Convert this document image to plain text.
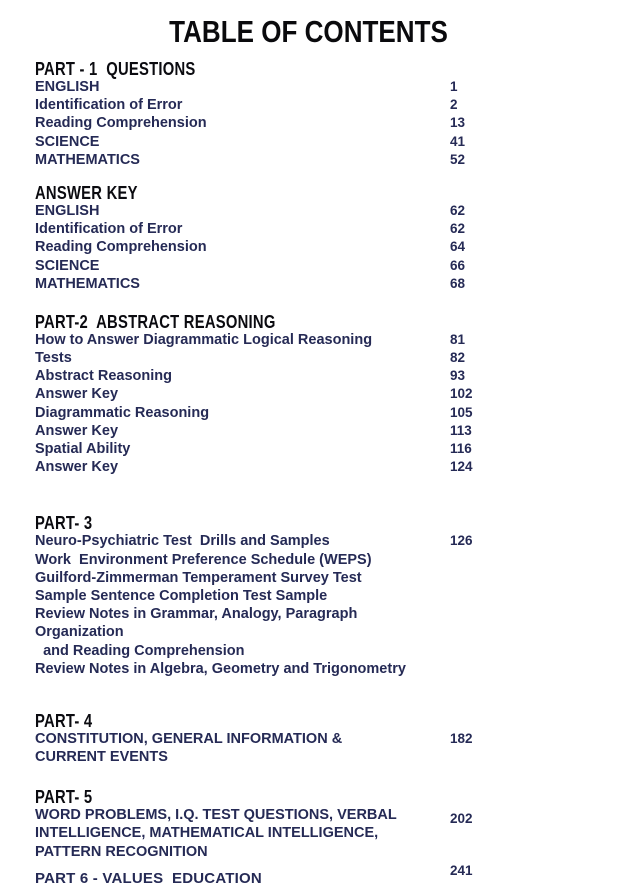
TABLE OF CONTENTS
PART - 1  QUESTIONS
ENGLISH	1
Identification of Error	2
Reading Comprehension	13
SCIENCE	41
MATHEMATICS	52
ANSWER KEY
ENGLISH	62
Identification of Error	62
Reading Comprehension	64
SCIENCE	66
MATHEMATICS	68
PART-2  ABSTRACT REASONING
How to Answer Diagrammatic Logical Reasoning	81
Tests	82
Abstract Reasoning	93
Answer Key	102
Diagrammatic Reasoning	105
Answer Key	113
Spatial Ability	116
Answer Key	124
PART- 3
Neuro-Psychiatric Test  Drills and Samples	126
Work  Environment Preference Schedule (WEPS)
Guilford-Zimmerman Temperament Survey Test
Sample Sentence Completion Test Sample
Review Notes in Grammar, Analogy, Paragraph
Organization
and Reading Comprehension
Review Notes in Algebra, Geometry and Trigonometry
PART- 4
CONSTITUTION, GENERAL INFORMATION &	182
CURRENT EVENTS
PART- 5
WORD PROBLEMS, I.Q. TEST QUESTIONS, VERBAL	202
INTELLIGENCE, MATHEMATICAL INTELLIGENCE,
PATTERN RECOGNITION
PART 6 - VALUES  EDUCATION	241
